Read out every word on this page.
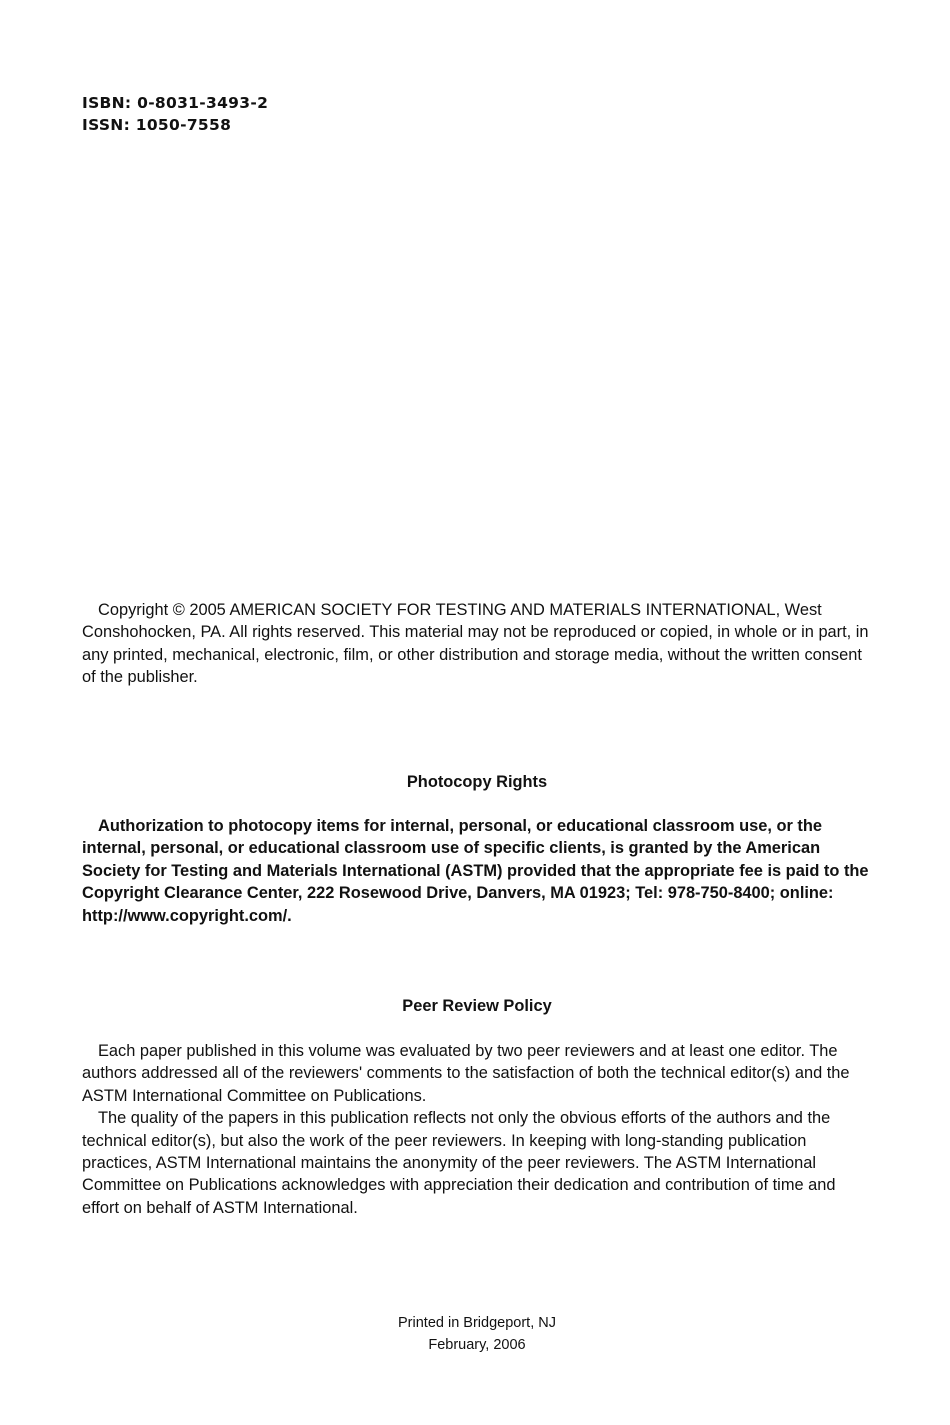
ISBN: 0-8031-3493-2
ISSN: 1050-7558

Copyright © 2005 AMERICAN SOCIETY FOR TESTING AND MATERIALS INTERNATIONAL, West Conshohocken, PA. All rights reserved. This material may not be reproduced or copied, in whole or in part, in any printed, mechanical, electronic, film, or other distribution and storage media, without the written consent of the publisher.

Photocopy Rights

Authorization to photocopy items for internal, personal, or educational classroom use, or the internal, personal, or educational classroom use of specific clients, is granted by the American Society for Testing and Materials International (ASTM) provided that the appropriate fee is paid to the Copyright Clearance Center, 222 Rosewood Drive, Danvers, MA 01923; Tel: 978-750-8400; online: http://www.copyright.com/.

Peer Review Policy

Each paper published in this volume was evaluated by two peer reviewers and at least one editor. The authors addressed all of the reviewers' comments to the satisfaction of both the technical editor(s) and the ASTM International Committee on Publications.

The quality of the papers in this publication reflects not only the obvious efforts of the authors and the technical editor(s), but also the work of the peer reviewers. In keeping with long-standing publication practices, ASTM International maintains the anonymity of the peer reviewers. The ASTM International Committee on Publications acknowledges with appreciation their dedication and contribution of time and effort on behalf of ASTM International.

Printed in Bridgeport, NJ
February, 2006
